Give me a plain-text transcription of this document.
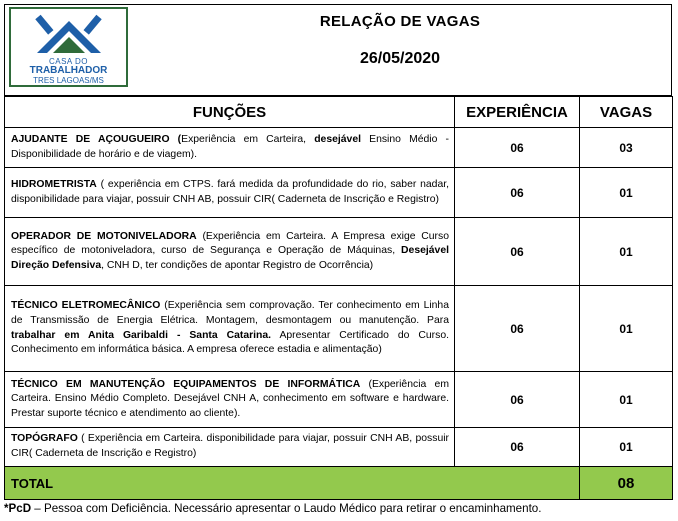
CASA DO
TRABALHADOR
TRES LAGOAS/MS
RELAÇÃO DE VAGAS
26/05/2020
FUNÇÕES	EXPERIÊNCIA	VAGAS
AJUDANTE DE AÇOUGUEIRO (Experiência em Carteira, desejável Ensino Médio - Disponibilidade de horário e de viagem).	06	03
HIDROMETRISTA ( experiência em CTPS. fará medida da profundidade do rio, saber nadar, disponibilidade para viajar, possuir CNH AB, possuir CIR( Caderneta de Inscrição e Registro)	06	01
OPERADOR DE MOTONIVELADORA (Experiência em Carteira. A Empresa exige Curso específico de motoniveladora, curso de Segurança e Operação de Máquinas, Desejável Direção Defensiva, CNH D, ter condições de apontar Registro de Ocorrência)	06	01
TÉCNICO ELETROMECÂNICO (Experiência sem comprovação. Ter conhecimento em Linha de Transmissão de Energia Elétrica. Montagem, desmontagem ou manutenção. Para trabalhar em Anita Garibaldi - Santa Catarina. Apresentar Certificado do Curso. Conhecimento em informática básica. A empresa oferece estadia e alimentação)	06	01
TÉCNICO EM MANUTENÇÃO EQUIPAMENTOS DE INFORMÁTICA (Experiência em Carteira. Ensino Médio Completo. Desejável CNH A, conhecimento em software e hardware. Prestar suporte técnico e atendimento ao cliente).	06	01
TOPÓGRAFO ( Experiência em Carteira. disponibilidade para viajar, possuir CNH AB, possuir CIR( Caderneta de Inscrição e Registro)	06	01
TOTAL		08
*PcD – Pessoa com Deficiência. Necessário apresentar o Laudo Médico para retirar o encaminhamento.
